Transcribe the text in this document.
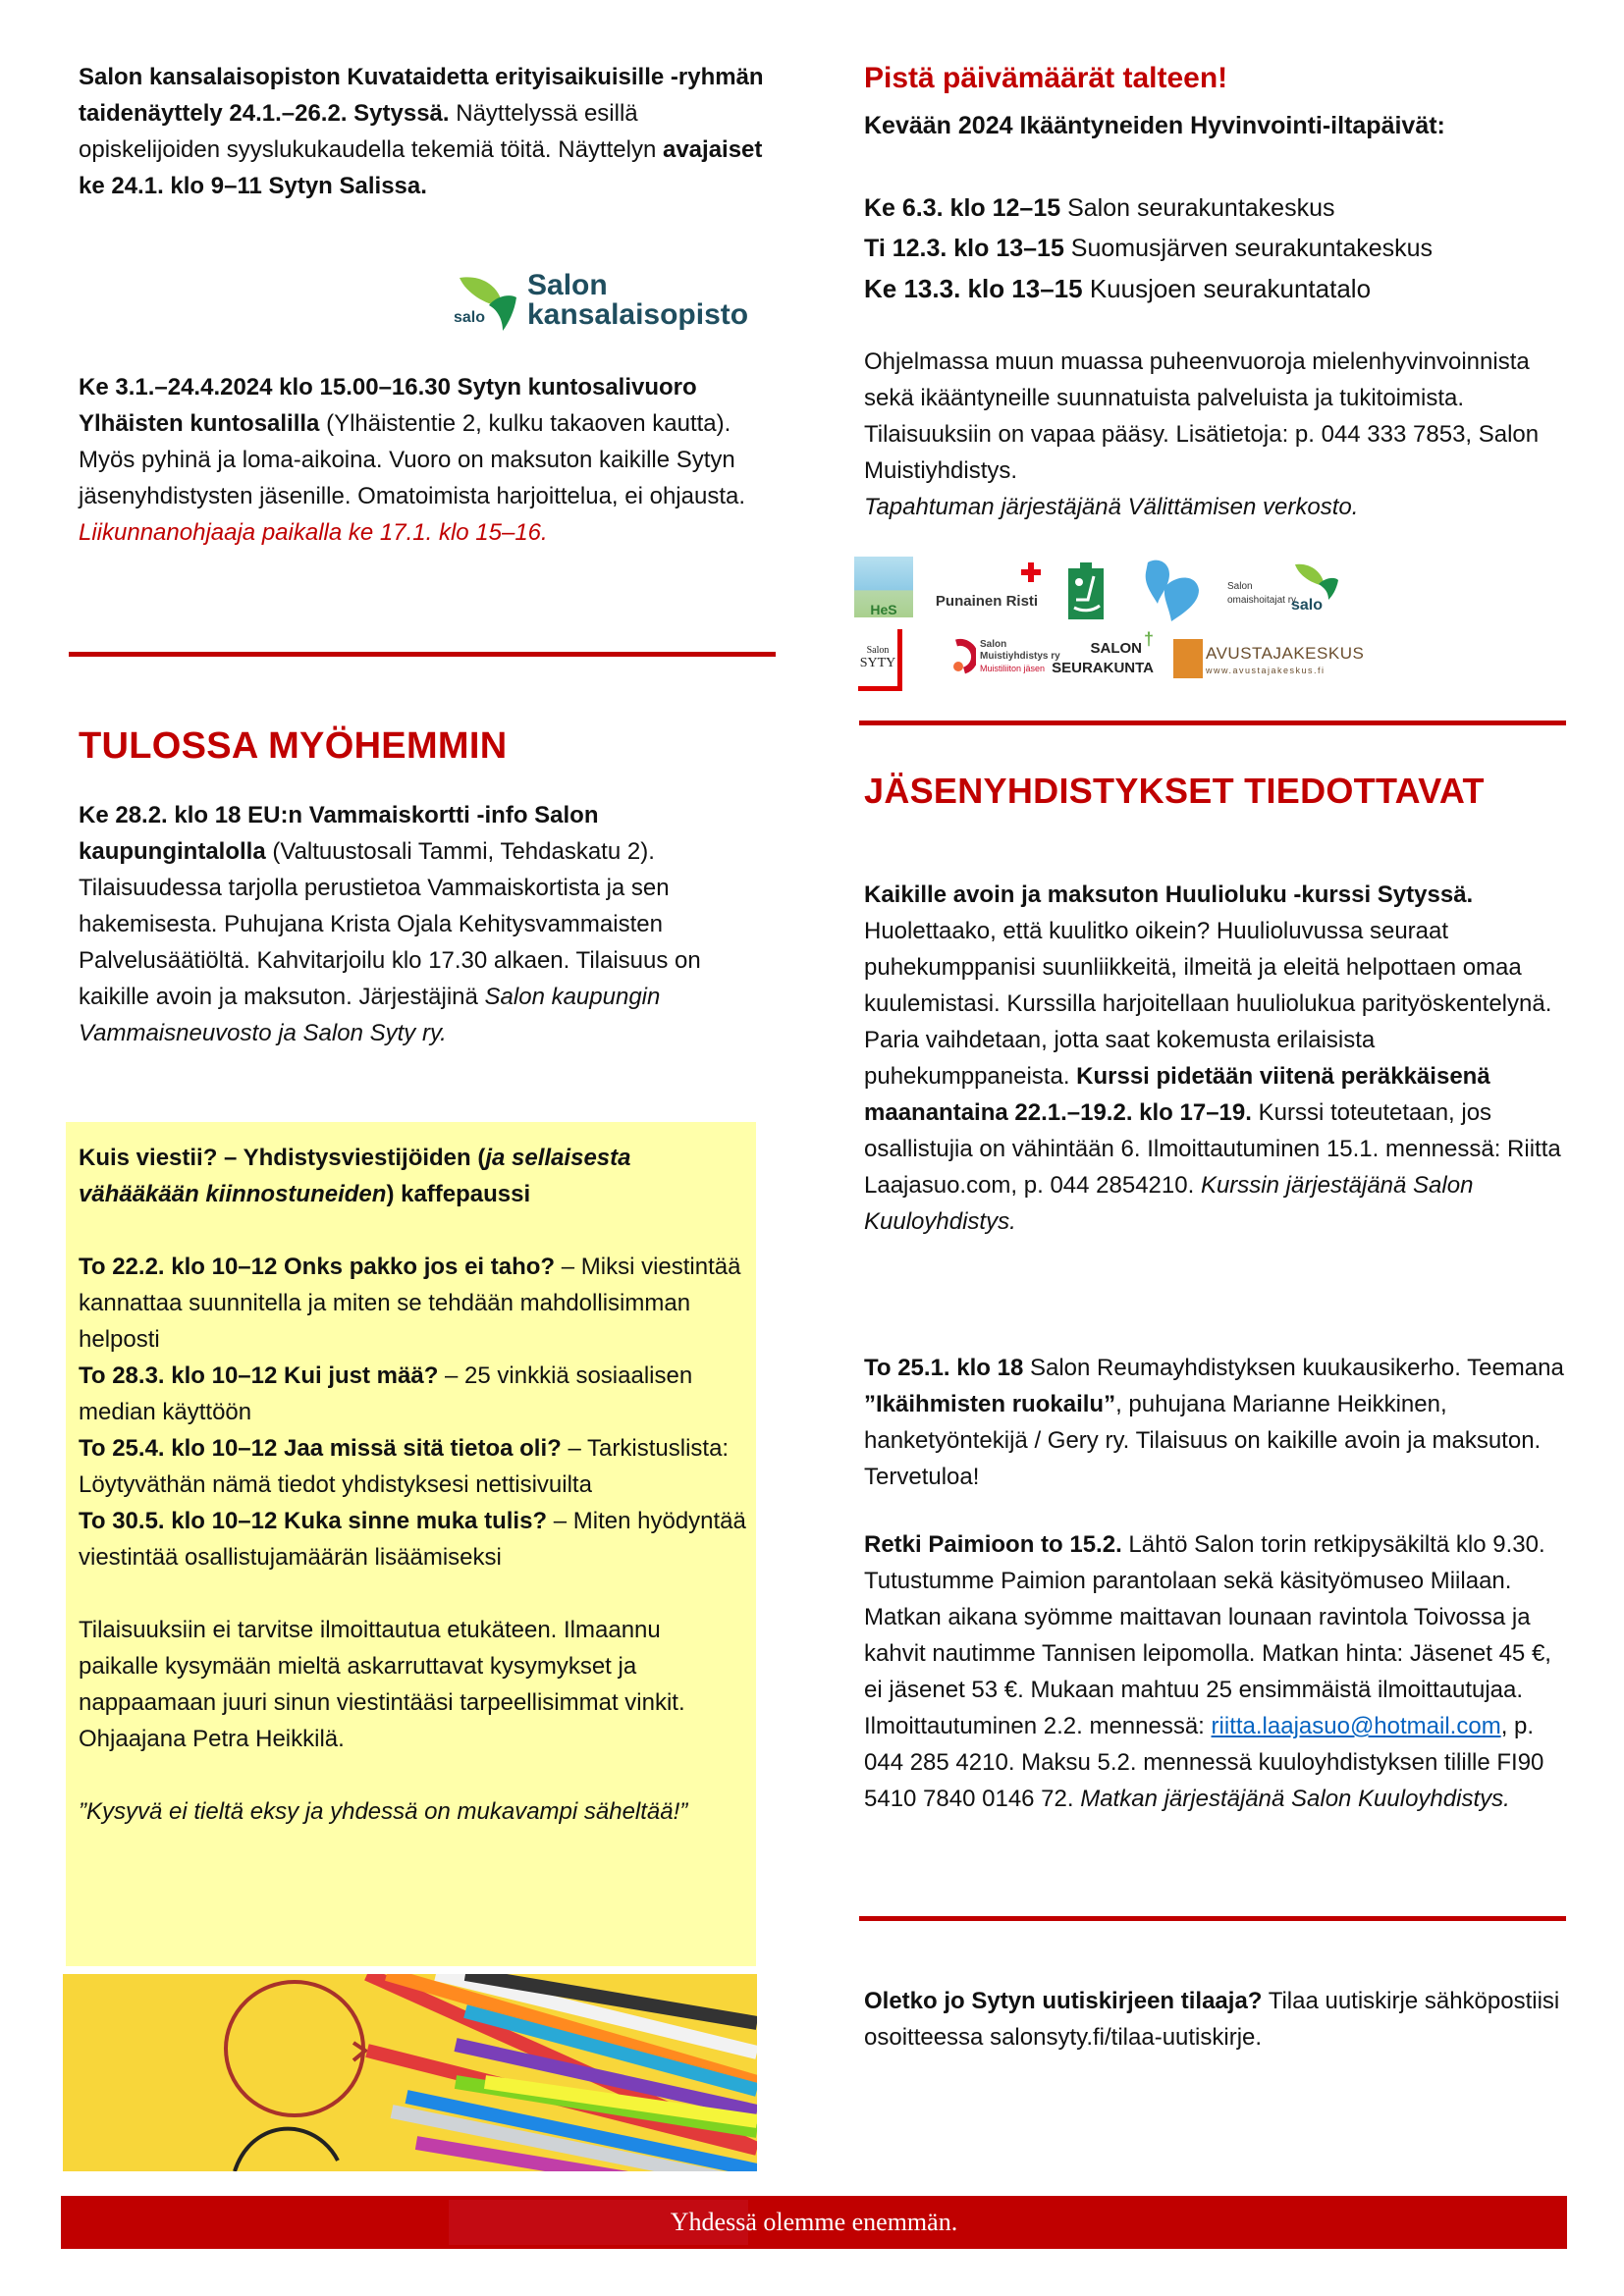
Salon kansalaisopiston Kuvataidetta erityisaikuisille -ryhmän taidenäyttely 24.1.–26.2. Sytyssä. Näyttelyssä esillä opiskelijoiden syyslukukaudella tekemiä töitä. Näyttelyn avajaiset ke 24.1. klo 9–11 Sytyn Salissa.

salo
Salon
kansalaisopisto

Ke 3.1.–24.4.2024 klo 15.00–16.30 Sytyn kuntosalivuoro Ylhäisten kuntosalilla (Ylhäistentie 2, kulku takaoven kautta). Myös pyhinä ja loma-aikoina. Vuoro on maksuton kaikille Sytyn jäsenyhdistysten jäsenille. Omatoimista harjoittelua, ei ohjausta.
Liikunnanohjaaja paikalla ke 17.1. klo 15–16.

TULOSSA MYÖHEMMIN

Ke 28.2. klo 18 EU:n Vammaiskortti -info Salon kaupungintalolla (Valtuustosali Tammi, Tehdaskatu 2). Tilaisuudessa tarjolla perustietoa Vammaiskortista ja sen hakemisesta. Puhujana Krista Ojala Kehitysvammaisten Palvelusäätiöltä. Kahvitarjoilu klo 17.30 alkaen. Tilaisuus on kaikille avoin ja maksuton. Järjestäjinä Salon kaupungin Vammaisneuvosto ja Salon Syty ry.

Kuis viestii? – Yhdistysviestijöiden (ja sellaisesta vähääkään kiinnostuneiden) kaffepaussi

To 22.2. klo 10–12 Onks pakko jos ei taho? – Miksi viestintää kannattaa suunnitella ja miten se tehdään mahdollisimman helposti

To 28.3. klo 10–12 Kui just mää? – 25 vinkkiä sosiaalisen median käyttöön

To 25.4. klo 10–12 Jaa missä sitä tietoa oli? – Tarkistuslista: Löytyväthän nämä tiedot yhdistyksesi nettisivuilta

To 30.5. klo 10–12 Kuka sinne muka tulis? – Miten hyödyntää viestintää osallistujamäärän lisäämiseksi

Tilaisuuksiin ei tarvitse ilmoittautua etukäteen. Ilmaannu paikalle kysymään mieltä askarruttavat kysymykset ja nappaamaan juuri sinun viestintääsi tarpeellisimmat vinkit. Ohjaajana Petra Heikkilä.

”Kysyvä ei tieltä eksy ja yhdessä on mukavampi säheltää!”

Pistä päivämäärät talteen!

Kevään 2024 Ikääntyneiden Hyvinvointi-iltapäivät:

Ke 6.3. klo 12–15 Salon seurakuntakeskus

Ti 12.3. klo 13–15 Suomusjärven seurakuntakeskus

Ke 13.3. klo 13–15 Kuusjoen seurakuntatalo

Ohjelmassa muun muassa puheenvuoroja mielenhyvinvoinnista sekä ikääntyneille suunnatuista palveluista ja tukitoimista. Tilaisuuksiin on vapaa pääsy. Lisätietoja: p. 044 333 7853, Salon Muistiyhdistys.
Tapahtuman järjestäjänä Välittämisen verkosto.

HeS	Punainen Risti
Salon omaishoitajat ry
salo
Salon
SYTY
Salon
Muistiyhdistys ry
Muistiliiton jäsen
SALON
SEURAKUNTA
†
AVUSTAJAKESKUS
www.avustajakeskus.fi
JÄSENYHDISTYKSET TIEDOTTAVAT

Kaikille avoin ja maksuton Huulioluku -kurssi Sytyssä. Huolettaako, että kuulitko oikein? Huulioluvussa seuraat puhekumppanisi suunliikkeitä, ilmeitä ja eleitä helpottaen omaa kuulemistasi. Kurssilla harjoitellaan huuliolukua parityöskentelynä. Paria vaihdetaan, jotta saat kokemusta erilaisista puhekumppaneista. Kurssi pidetään viitenä peräkkäisenä maanantaina 22.1.–19.2. klo 17–19. Kurssi toteutetaan, jos osallistujia on vähintään 6. Ilmoittautuminen 15.1. mennessä: Riitta Laajasuo.com, p. 044 2854210. Kurssin järjestäjänä Salon Kuuloyhdistys.

To 25.1. klo 18 Salon Reumayhdistyksen kuukausikerho. Teemana ”Ikäihmisten ruokailu”, puhujana Marianne Heikkinen, hanketyöntekijä / Gery ry. Tilaisuus on kaikille avoin ja maksuton. Tervetuloa!

Retki Paimioon to 15.2. Lähtö Salon torin retkipysäkiltä klo 9.30. Tutustumme Paimion parantolaan sekä käsityömuseo Miilaan. Matkan aikana syömme maittavan lounaan ravintola Toivossa ja kahvit nautimme Tannisen leipomolla. Matkan hinta: Jäsenet 45 €, ei jäsenet 53 €. Mukaan mahtuu 25 ensimmäistä ilmoittautujaa. Ilmoittautuminen 2.2. mennessä: riitta.laajasuo@hotmail.com, p. 044 285 4210. Maksu 5.2. mennessä kuuloyhdistyksen tilille FI90 5410 7840 0146 72. Matkan järjestäjänä Salon Kuuloyhdistys.

Oletko jo Sytyn uutiskirjeen tilaaja? Tilaa uutiskirje sähköpostiisi osoitteessa salonsyty.fi/tilaa-uutiskirje.

Yhdessä olemme enemmän.
